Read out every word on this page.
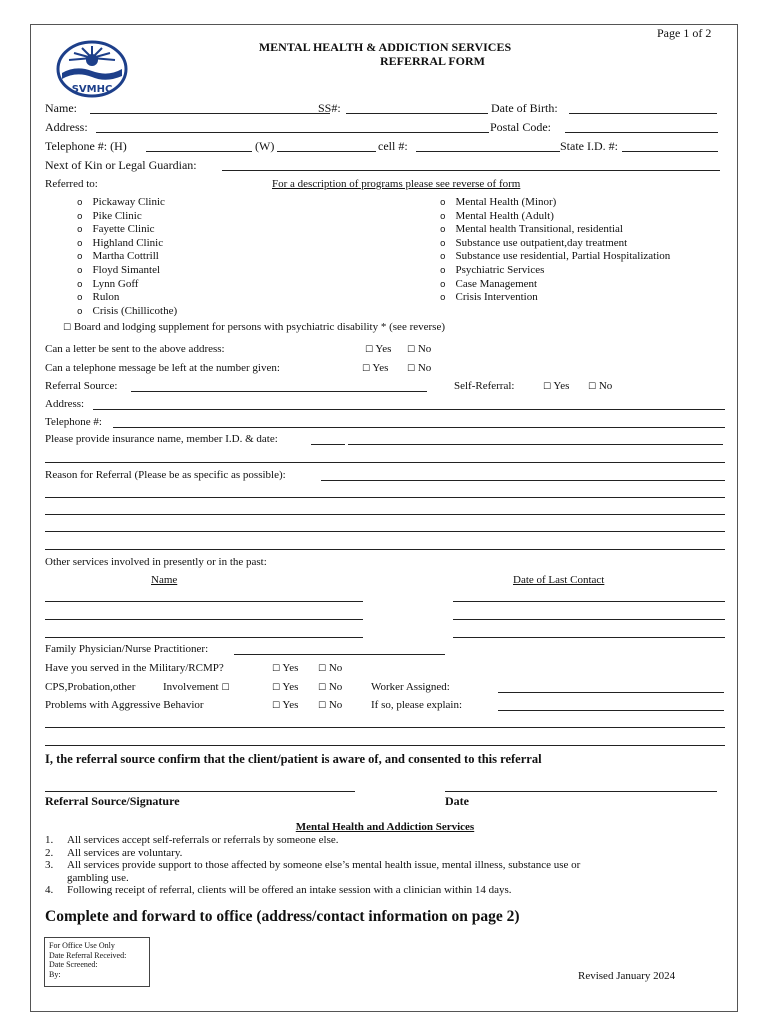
Page 1 of 2
SVMHC
MENTAL HEALTH & ADDICTION SERVICES
REFERRAL FORM
Name:	SS#:	Date of Birth:
Address:	Postal Code:
Telephone #: (H)	(W)	cell #:	State I.D. #:
Next of Kin or Legal Guardian:
Referred to:	For a description of programs please see reverse of form
o Pickaway Clinic
o Pike Clinic
o Fayette Clinic
o Highland Clinic
o Martha Cottrill
o Floyd Simantel
o Lynn Goff
o Rulon
o Crisis (Chillicothe)
o Mental Health (Minor)
o Mental Health (Adult)
o Mental health Transitional, residential
o Substance use outpatient,day treatment
o Substance use residential, Partial Hospitalization
o Psychiatric Services
o Case Management
o Crisis Intervention
☐ Board and lodging supplement for persons with psychiatric disability * (see reverse)
Can a letter be sent to the above address:	☐ Yes ☐ No
Can a telephone message be left at the number given:	☐ Yes ☐ No
Referral Source:	Self-Referral:	☐ Yes ☐ No
Address:
Telephone #:
Please provide insurance name, member I.D. & date:
Reason for Referral (Please be as specific as possible):
Other services involved in presently or in the past:
Name	Date of Last Contact
Family Physician/Nurse Practitioner:
Have you served in the Military/RCMP?	☐ Yes ☐ No
CPS,Probation,other	Involvement ☐	☐ Yes ☐ No	Worker Assigned:
Problems with Aggressive Behavior	☐ Yes ☐ No	If so, please explain:
I, the referral source confirm that the client/patient is aware of, and consented to this referral
Referral Source/Signature	Date
Mental Health and Addiction Services
1. All services accept self-referrals or referrals by someone else.
2. All services are voluntary.
3. All services provide support to those affected by someone else’s mental health issue, mental illness, substance use or
gambling use.
4. Following receipt of referral, clients will be offered an intake session with a clinician within 14 days.
Complete and forward to office (address/contact information on page 2)
For Office Use Only
Date Referral Received:
Date Screened:
By:	Revised January 2024
